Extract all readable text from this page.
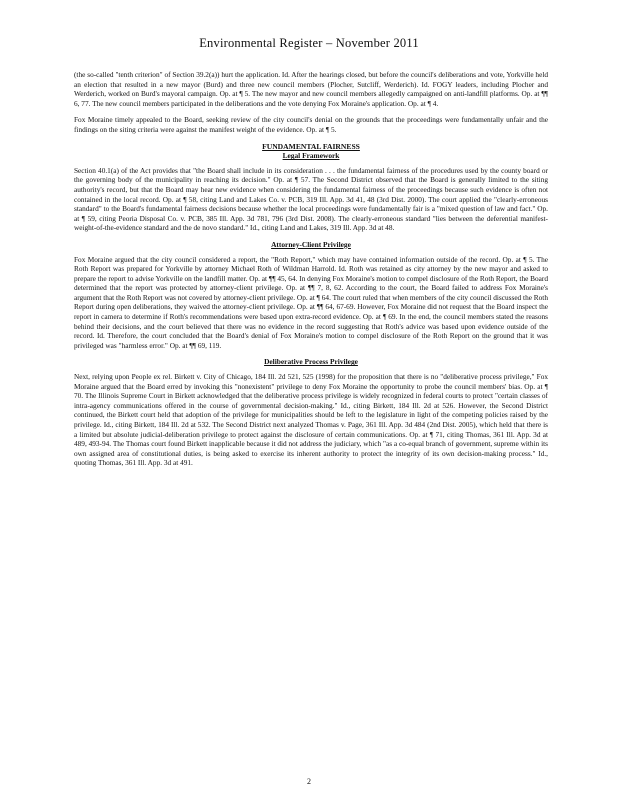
Environmental Register – November 2011

(the so-called "tenth criterion" of Section 39.2(a)) hurt the application. Id. After the hearings closed, but before the council's deliberations and vote, Yorkville held an election that resulted in a new mayor (Burd) and three new council members (Plocher, Sutcliff, Werderich). Id. FOGY leaders, including Plocher and Werderich, worked on Burd's mayoral campaign. Op. at ¶ 5. The new mayor and new council members allegedly campaigned on anti-landfill platforms. Op. at ¶¶ 6, 77. The new council members participated in the deliberations and the vote denying Fox Moraine's application. Op. at ¶ 4.

Fox Moraine timely appealed to the Board, seeking review of the city council's denial on the grounds that the proceedings were fundamentally unfair and the findings on the siting criteria were against the manifest weight of the evidence. Op. at ¶ 5.

FUNDAMENTAL FAIRNESS
Legal Framework

Section 40.1(a) of the Act provides that "the Board shall include in its consideration . . . the fundamental fairness of the procedures used by the county board or the governing body of the municipality in reaching its decision." Op. at ¶ 57. The Second District observed that the Board is generally limited to the siting authority's record, but that the Board may hear new evidence when considering the fundamental fairness of the proceedings because such evidence is often not contained in the local record. Op. at ¶ 58, citing Land and Lakes Co. v. PCB, 319 Ill. App. 3d 41, 48 (3rd Dist. 2000). The court applied the "clearly-erroneous standard" to the Board's fundamental fairness decisions because whether the local proceedings were fundamentally fair is a "mixed question of law and fact." Op. at ¶ 59, citing Peoria Disposal Co. v. PCB, 385 Ill. App. 3d 781, 796 (3rd Dist. 2008). The clearly-erroneous standard "lies between the deferential manifest-weight-of-the-evidence standard and the de novo standard." Id., citing Land and Lakes, 319 Ill. App. 3d at 48.

Attorney-Client Privilege

Fox Moraine argued that the city council considered a report, the "Roth Report," which may have contained information outside of the record. Op. at ¶ 5. The Roth Report was prepared for Yorkville by attorney Michael Roth of Wildman Harrold. Id. Roth was retained as city attorney by the new mayor and asked to prepare the report to advise Yorkville on the landfill matter. Op. at ¶¶ 45, 64. In denying Fox Moraine's motion to compel disclosure of the Roth Report, the Board determined that the report was protected by attorney-client privilege. Op. at ¶¶ 7, 8, 62. According to the court, the Board failed to address Fox Moraine's argument that the Roth Report was not covered by attorney-client privilege. Op. at ¶ 64. The court ruled that when members of the city council discussed the Roth Report during open deliberations, they waived the attorney-client privilege. Op. at ¶¶ 64, 67-69. However, Fox Moraine did not request that the Board inspect the report in camera to determine if Roth's recommendations were based upon extra-record evidence. Op. at ¶ 69. In the end, the council members stated the reasons behind their decisions, and the court believed that there was no evidence in the record suggesting that Roth's advice was based upon evidence outside of the record. Id. Therefore, the court concluded that the Board's denial of Fox Moraine's motion to compel disclosure of the Roth Report on the ground that it was privileged was "harmless error." Op. at ¶¶ 69, 119.

Deliberative Process Privilege

Next, relying upon People ex rel. Birkett v. City of Chicago, 184 Ill. 2d 521, 525 (1998) for the proposition that there is no "deliberative process privilege," Fox Moraine argued that the Board erred by invoking this "nonexistent" privilege to deny Fox Moraine the opportunity to probe the council members' bias. Op. at ¶ 70. The Illinois Supreme Court in Birkett acknowledged that the deliberative process privilege is widely recognized in federal courts to protect "certain classes of intra-agency communications offered in the course of governmental decision-making." Id., citing Birkett, 184 Ill. 2d at 526. However, the Second District continued, the Birkett court held that adoption of the privilege for municipalities should be left to the legislature in light of the competing policies raised by the privilege. Id., citing Birkett, 184 Ill. 2d at 532. The Second District next analyzed Thomas v. Page, 361 Ill. App. 3d 484 (2nd Dist. 2005), which held that there is a limited but absolute judicial-deliberation privilege to protect against the disclosure of certain communications. Op. at ¶ 71, citing Thomas, 361 Ill. App. 3d at 489, 493-94. The Thomas court found Birkett inapplicable because it did not address the judiciary, which "as a co-equal branch of government, supreme within its own assigned area of constitutional duties, is being asked to exercise its inherent authority to protect the integrity of its own decision-making process." Id., quoting Thomas, 361 Ill. App. 3d at 491.

2
